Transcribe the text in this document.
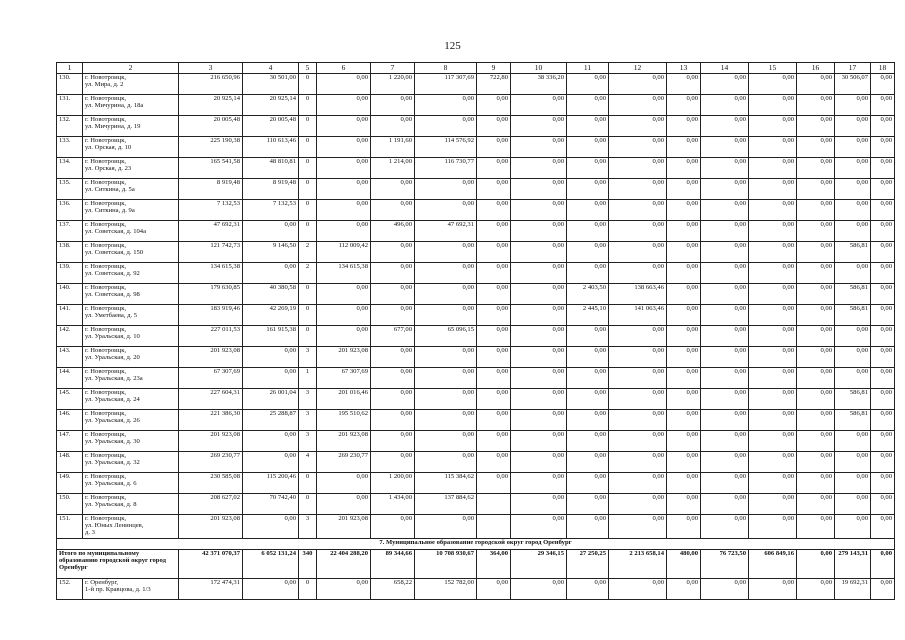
125
1	2	3	4	5	6	7	8	9	10	11	12	13	14	15	16	17	18
130.	г. Новотроицк,
ул. Мира, д. 2	216 650,96	30 501,00	0	0,00	1 220,00	117 307,69	722,80	38 336,20	0,00	0,00	0,00	0,00	0,00	0,00	30 506,07	0,00
131.	г. Новотроицк,
ул. Мичурина, д. 18а	20 925,14	20 925,14	0	0,00	0,00	0,00	0,00	0,00	0,00	0,00	0,00	0,00	0,00	0,00	0,00	0,00
132.	г. Новотроицк,
ул. Мичурина, д. 19	20 005,48	20 005,48	0	0,00	0,00	0,00	0,00	0,00	0,00	0,00	0,00	0,00	0,00	0,00	0,00	0,00
133.	г. Новотроицк,
ул. Орская, д. 10	225 190,38	110 613,46	0	0,00	1 191,60	114 576,92	0,00	0,00	0,00	0,00	0,00	0,00	0,00	0,00	0,00	0,00
134.	г. Новотроицк,
ул. Орская, д. 23	165 541,58	48 810,81	0	0,00	1 214,00	116 730,77	0,00	0,00	0,00	0,00	0,00	0,00	0,00	0,00	0,00	0,00
135.	г. Новотроицк,
ул. Ситкина, д. 5а	8 919,48	8 919,48	0	0,00	0,00	0,00	0,00	0,00	0,00	0,00	0,00	0,00	0,00	0,00	0,00	0,00
136.	г. Новотроицк,
ул. Ситкина, д. 9а	7 132,53	7 132,53	0	0,00	0,00	0,00	0,00	0,00	0,00	0,00	0,00	0,00	0,00	0,00	0,00	0,00
137.	г. Новотроицк,
ул. Советская, д. 104а	47 692,31	0,00	0	0,00	496,00	47 692,31	0,00	0,00	0,00	0,00	0,00	0,00	0,00	0,00	0,00	0,00
138.	г. Новотроицк,
ул. Советская, д. 150	121 742,73	9 146,50	2	112 009,42	0,00	0,00	0,00	0,00	0,00	0,00	0,00	0,00	0,00	0,00	586,81	0,00
139.	г. Новотроицк,
ул. Советская, д. 92	134 615,38	0,00	2	134 615,38	0,00	0,00	0,00	0,00	0,00	0,00	0,00	0,00	0,00	0,00	0,00	0,00
140.	г. Новотроицк,
ул. Советская, д. 98	179 630,85	40 380,58	0	0,00	0,00	0,00	0,00	0,00	2 403,50	138 663,46	0,00	0,00	0,00	0,00	586,81	0,00
141.	г. Новотроицк,
ул. Уметбаева, д. 5	183 919,46	42 269,19	0	0,00	0,00	0,00	0,00	0,00	2 445,10	141 063,46	0,00	0,00	0,00	0,00	586,81	0,00
142.	г. Новотроицк,
ул. Уральская, д. 10	227 011,53	161 915,38	0	0,00	677,00	65 096,15	0,00	0,00	0,00	0,00	0,00	0,00	0,00	0,00	0,00	0,00
143.	г. Новотроицк,
ул. Уральская, д. 20	201 923,08	0,00	3	201 923,08	0,00	0,00	0,00	0,00	0,00	0,00	0,00	0,00	0,00	0,00	0,00	0,00
144.	г. Новотроицк,
ул. Уральская, д. 23а	67 307,69	0,00	1	67 307,69	0,00	0,00	0,00	0,00	0,00	0,00	0,00	0,00	0,00	0,00	0,00	0,00
145.	г. Новотроицк,
ул. Уральская, д. 24	227 604,31	26 001,04	3	201 016,46	0,00	0,00	0,00	0,00	0,00	0,00	0,00	0,00	0,00	0,00	586,81	0,00
146.	г. Новотроицк,
ул. Уральская, д. 26	221 386,30	25 288,87	3	195 510,62	0,00	0,00	0,00	0,00	0,00	0,00	0,00	0,00	0,00	0,00	586,81	0,00
147.	г. Новотроицк,
ул. Уральская, д. 30	201 923,08	0,00	3	201 923,08	0,00	0,00	0,00	0,00	0,00	0,00	0,00	0,00	0,00	0,00	0,00	0,00
148.	г. Новотроицк,
ул. Уральская, д. 32	269 230,77	0,00	4	269 230,77	0,00	0,00	0,00	0,00	0,00	0,00	0,00	0,00	0,00	0,00	0,00	0,00
149.	г. Новотроицк,
ул. Уральская, д. 6	230 585,08	115 200,46	0	0,00	1 200,00	115 384,62	0,00	0,00	0,00	0,00	0,00	0,00	0,00	0,00	0,00	0,00
150.	г. Новотроицк,
ул. Уральская, д. 8	208 627,02	70 742,40	0	0,00	1 434,00	137 884,62		0,00	0,00	0,00	0,00	0,00	0,00	0,00	0,00	0,00
151.	г. Новотроицк,
ул. Юных Ленинцев,
д. 3	201 923,08	0,00	3	201 923,08	0,00	0,00		0,00	0,00	0,00	0,00	0,00	0,00	0,00	0,00	0,00
7. Муниципальное образование городской округ город Оренбург																	
Итого по муниципальному образованию городской округ город Оренбург		42 371 070,37	6 052 131,24	340	22 404 288,20	89 344,66	10 708 930,67	364,00	29 346,15	27 250,25	2 213 658,14	480,00	76 723,50	606 849,16	0,00	279 143,31	0,00
152.	г. Оренбург,
1-й пр. Кравцова, д. 1/3	172 474,31	0,00	0	0,00	658,22	152 782,00	0,00	0,00	0,00	0,00	0,00	0,00	0,00	0,00	19 692,31	0,00
